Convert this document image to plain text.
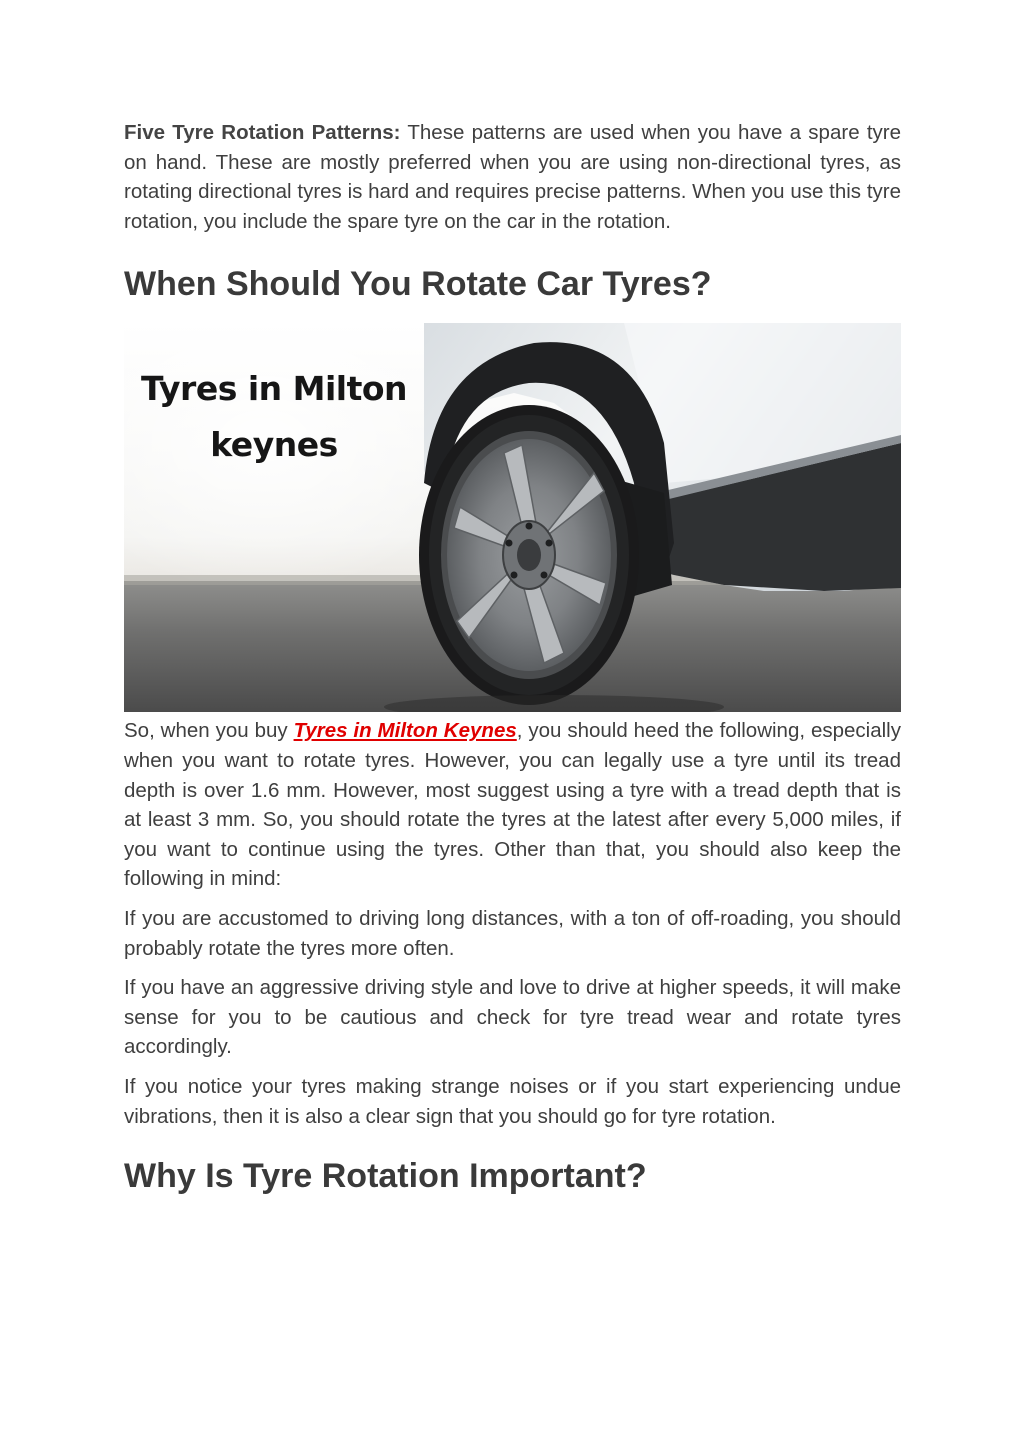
Five Tyre Rotation Patterns: These patterns are used when you have a spare tyre on hand. These are mostly preferred when you are using non-directional tyres, as rotating directional tyres is hard and requires precise patterns. When you use this tyre rotation, you include the spare tyre on the car in the rotation.

When Should You Rotate Car Tyres?
Tyres in Milton
keynes

So, when you buy Tyres in Milton Keynes, you should heed the following, especially when you want to rotate tyres. However, you can legally use a tyre until its tread depth is over 1.6 mm. However, most suggest using a tyre with a tread depth that is at least 3 mm. So, you should rotate the tyres at the latest after every 5,000 miles, if you want to continue using the tyres. Other than that, you should also keep the following in mind:

If you are accustomed to driving long distances, with a ton of off-roading, you should probably rotate the tyres more often.

If you have an aggressive driving style and love to drive at higher speeds, it will make sense for you to be cautious and check for tyre tread wear and rotate tyres accordingly.

If you notice your tyres making strange noises or if you start experiencing undue vibrations, then it is also a clear sign that you should go for tyre rotation.

Why Is Tyre Rotation Important?
